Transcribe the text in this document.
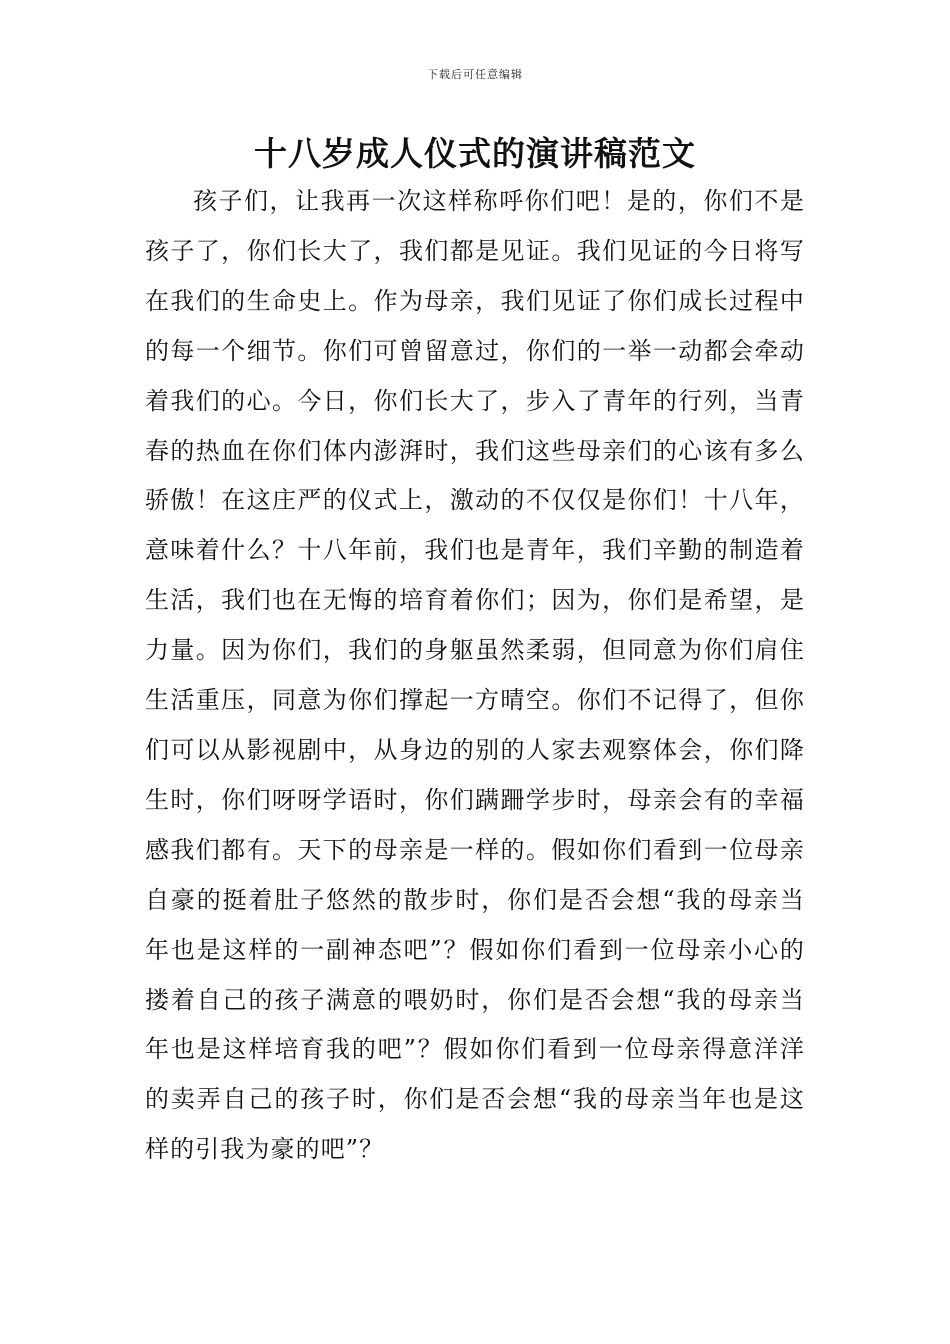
下载后可任意编辑
十八岁成人仪式的演讲稿范文

孩子们，让我再一次这样称呼你们吧！是的，你们不是孩子了，你们长大了，我们都是见证。我们见证的今日将写在我们的生命史上。作为母亲，我们见证了你们成长过程中的每一个细节。你们可曾留意过，你们的一举一动都会牵动着我们的心。今日，你们长大了，步入了青年的行列，当青春的热血在你们体内澎湃时，我们这些母亲们的心该有多么骄傲！在这庄严的仪式上，激动的不仅仅是你们！十八年，意味着什么？十八年前，我们也是青年，我们辛勤的制造着生活，我们也在无悔的培育着你们；因为，你们是希望，是力量。因为你们，我们的身躯虽然柔弱，但同意为你们肩住生活重压，同意为你们撑起一方晴空。你们不记得了，但你们可以从影视剧中，从身边的别的人家去观察体会，你们降生时，你们呀呀学语时，你们蹒跚学步时，母亲会有的幸福感我们都有。天下的母亲是一样的。假如你们看到一位母亲自豪的挺着肚子悠然的散步时，你们是否会想“我的母亲当年也是这样的一副神态吧”？假如你们看到一位母亲小心的搂着自己的孩子满意的喂奶时，你们是否会想“我的母亲当年也是这样培育我的吧”？假如你们看到一位母亲得意洋洋的卖弄自己的孩子时，你们是否会想“我的母亲当年也是这样的引我为豪的吧”？
